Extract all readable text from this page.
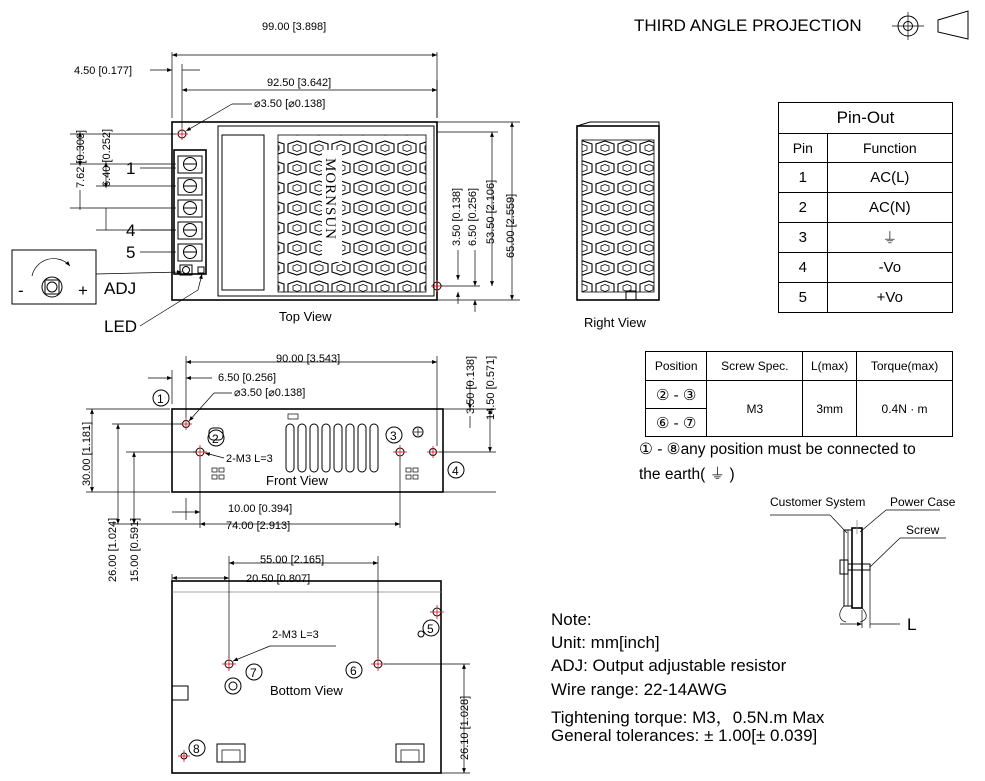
THIRD ANGLE PROJECTION
MORNSUN
99.00 [3.898]
4.50 [0.177]
92.50 [3.642]
⌀3.50 [⌀0.138]
7.62 [0.300] 6.40 [0.252] 1
4
5
-	+ ADJ
LED
Top View
65.00 [2.559]
53.50 [2.106]
6.50 [0.256]
3.50 [0.138]
Right View
2-M3 L=3
Front View
90.00 [3.543]
6.50 [0.256]
⌀3.50 [⌀0.138]
30.00 [1.181]
26.00 [1.024] 15.00 [0.591]
10.00 [0.394]
74.00 [2.913]
3.50 [0.138] 14.50 [0.571]
1
2	3
4
2-M3 L=3
Bottom View
55.00 [2.165]
20.50 [0.807]
26.10 [1.028]
5
6
7
8
Customer System Power Case
Screw
L
Pin-Out	
Pin	Function
1	AC(L)
2	AC(N)
3	⏚
4	-Vo
5	+Vo
Position	Screw Spec.	L(max)	Torque(max)
② - ③	M3	3mm	0.4N · m
⑥ - ⑦			
① - ⑧any position must be connected to
the earth( ⏚ )
Note:
Unit: mm[inch]
ADJ: Output adjustable resistor
Wire range: 22-14AWG
Tightening torque: M3，0.5N.m Max
General tolerances: ± 1.00[± 0.039]
